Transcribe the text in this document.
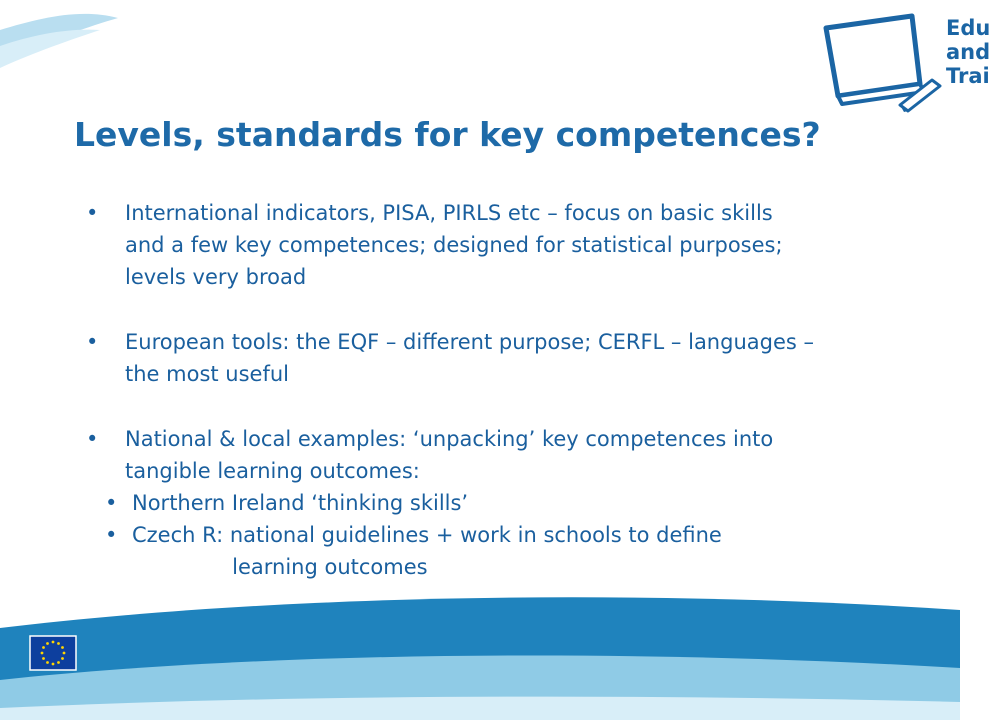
Edu
and
Trai
Levels, standards for key competences?
• International indicators, PISA, PIRLS etc – focus on basic skills and a few key competences; designed for statistical purposes; levels very broad
• European tools: the EQF – different purpose; CERFL – languages – the most useful
• National & local examples: ‘unpacking’ key competences into tangible learning outcomes:
• Northern Ireland ‘thinking skills’
• Czech R: national guidelines + work in schools to define                learning outcomes
